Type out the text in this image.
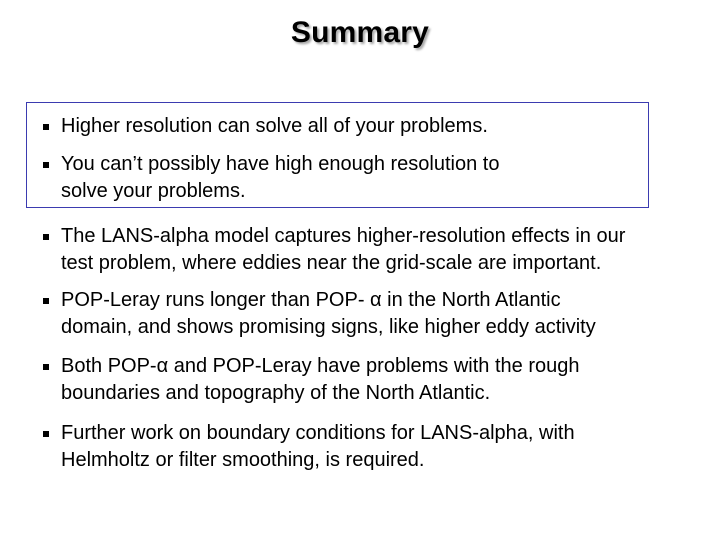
Summary
Higher resolution can solve all of your problems.
You can’t possibly have high enough resolution to
solve your problems.
The LANS-alpha model captures higher-resolution effects in our
test problem, where eddies near the grid-scale are important.
POP-Leray runs longer than POP- α in the North Atlantic
domain, and shows promising signs, like higher eddy activity
Both POP-α and POP-Leray have problems with the rough
boundaries and topography of the North Atlantic.
Further work on boundary conditions for LANS-alpha, with
Helmholtz or filter smoothing, is required.
